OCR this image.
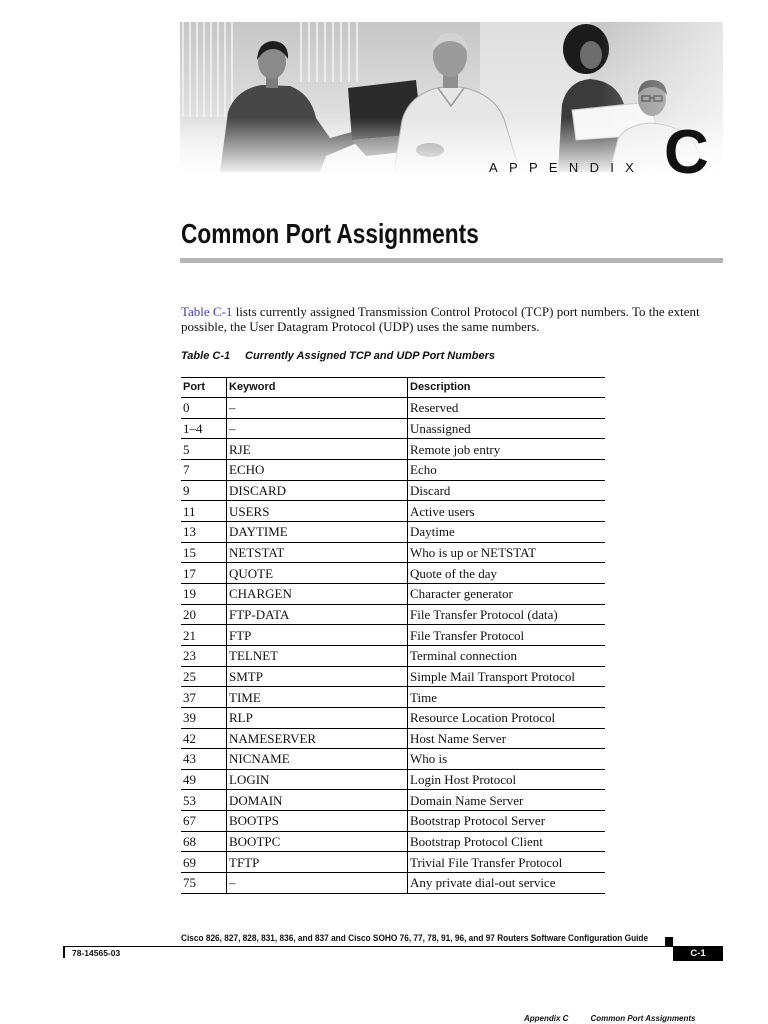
APPENDIX C
Common Port Assignments
Table C-1 lists currently assigned Transmission Control Protocol (TCP) port numbers. To the extent
possible, the User Datagram Protocol (UDP) uses the same numbers.
Table C-1 Currently Assigned TCP and UDP Port Numbers
Port	Keyword	Description
0	–	Reserved
1–4	–	Unassigned
5	RJE	Remote job entry
7	ECHO	Echo
9	DISCARD	Discard
11	USERS	Active users
13	DAYTIME	Daytime
15	NETSTAT	Who is up or NETSTAT
17	QUOTE	Quote of the day
19	CHARGEN	Character generator
20	FTP-DATA	File Transfer Protocol (data)
21	FTP	File Transfer Protocol
23	TELNET	Terminal connection
25	SMTP	Simple Mail Transport Protocol
37	TIME	Time
39	RLP	Resource Location Protocol
42	NAMESERVER	Host Name Server
43	NICNAME	Who is
49	LOGIN	Login Host Protocol
53	DOMAIN	Domain Name Server
67	BOOTPS	Bootstrap Protocol Server
68	BOOTPC	Bootstrap Protocol Client
69	TFTP	Trivial File Transfer Protocol
75	–	Any private dial-out service
Cisco 826, 827, 828, 831, 836, and 837 and Cisco SOHO 76, 77, 78, 91, 96, and 97 Routers Software Configuration Guide
78-14565-03	C-1
Appendix C	Common Port Assignments
